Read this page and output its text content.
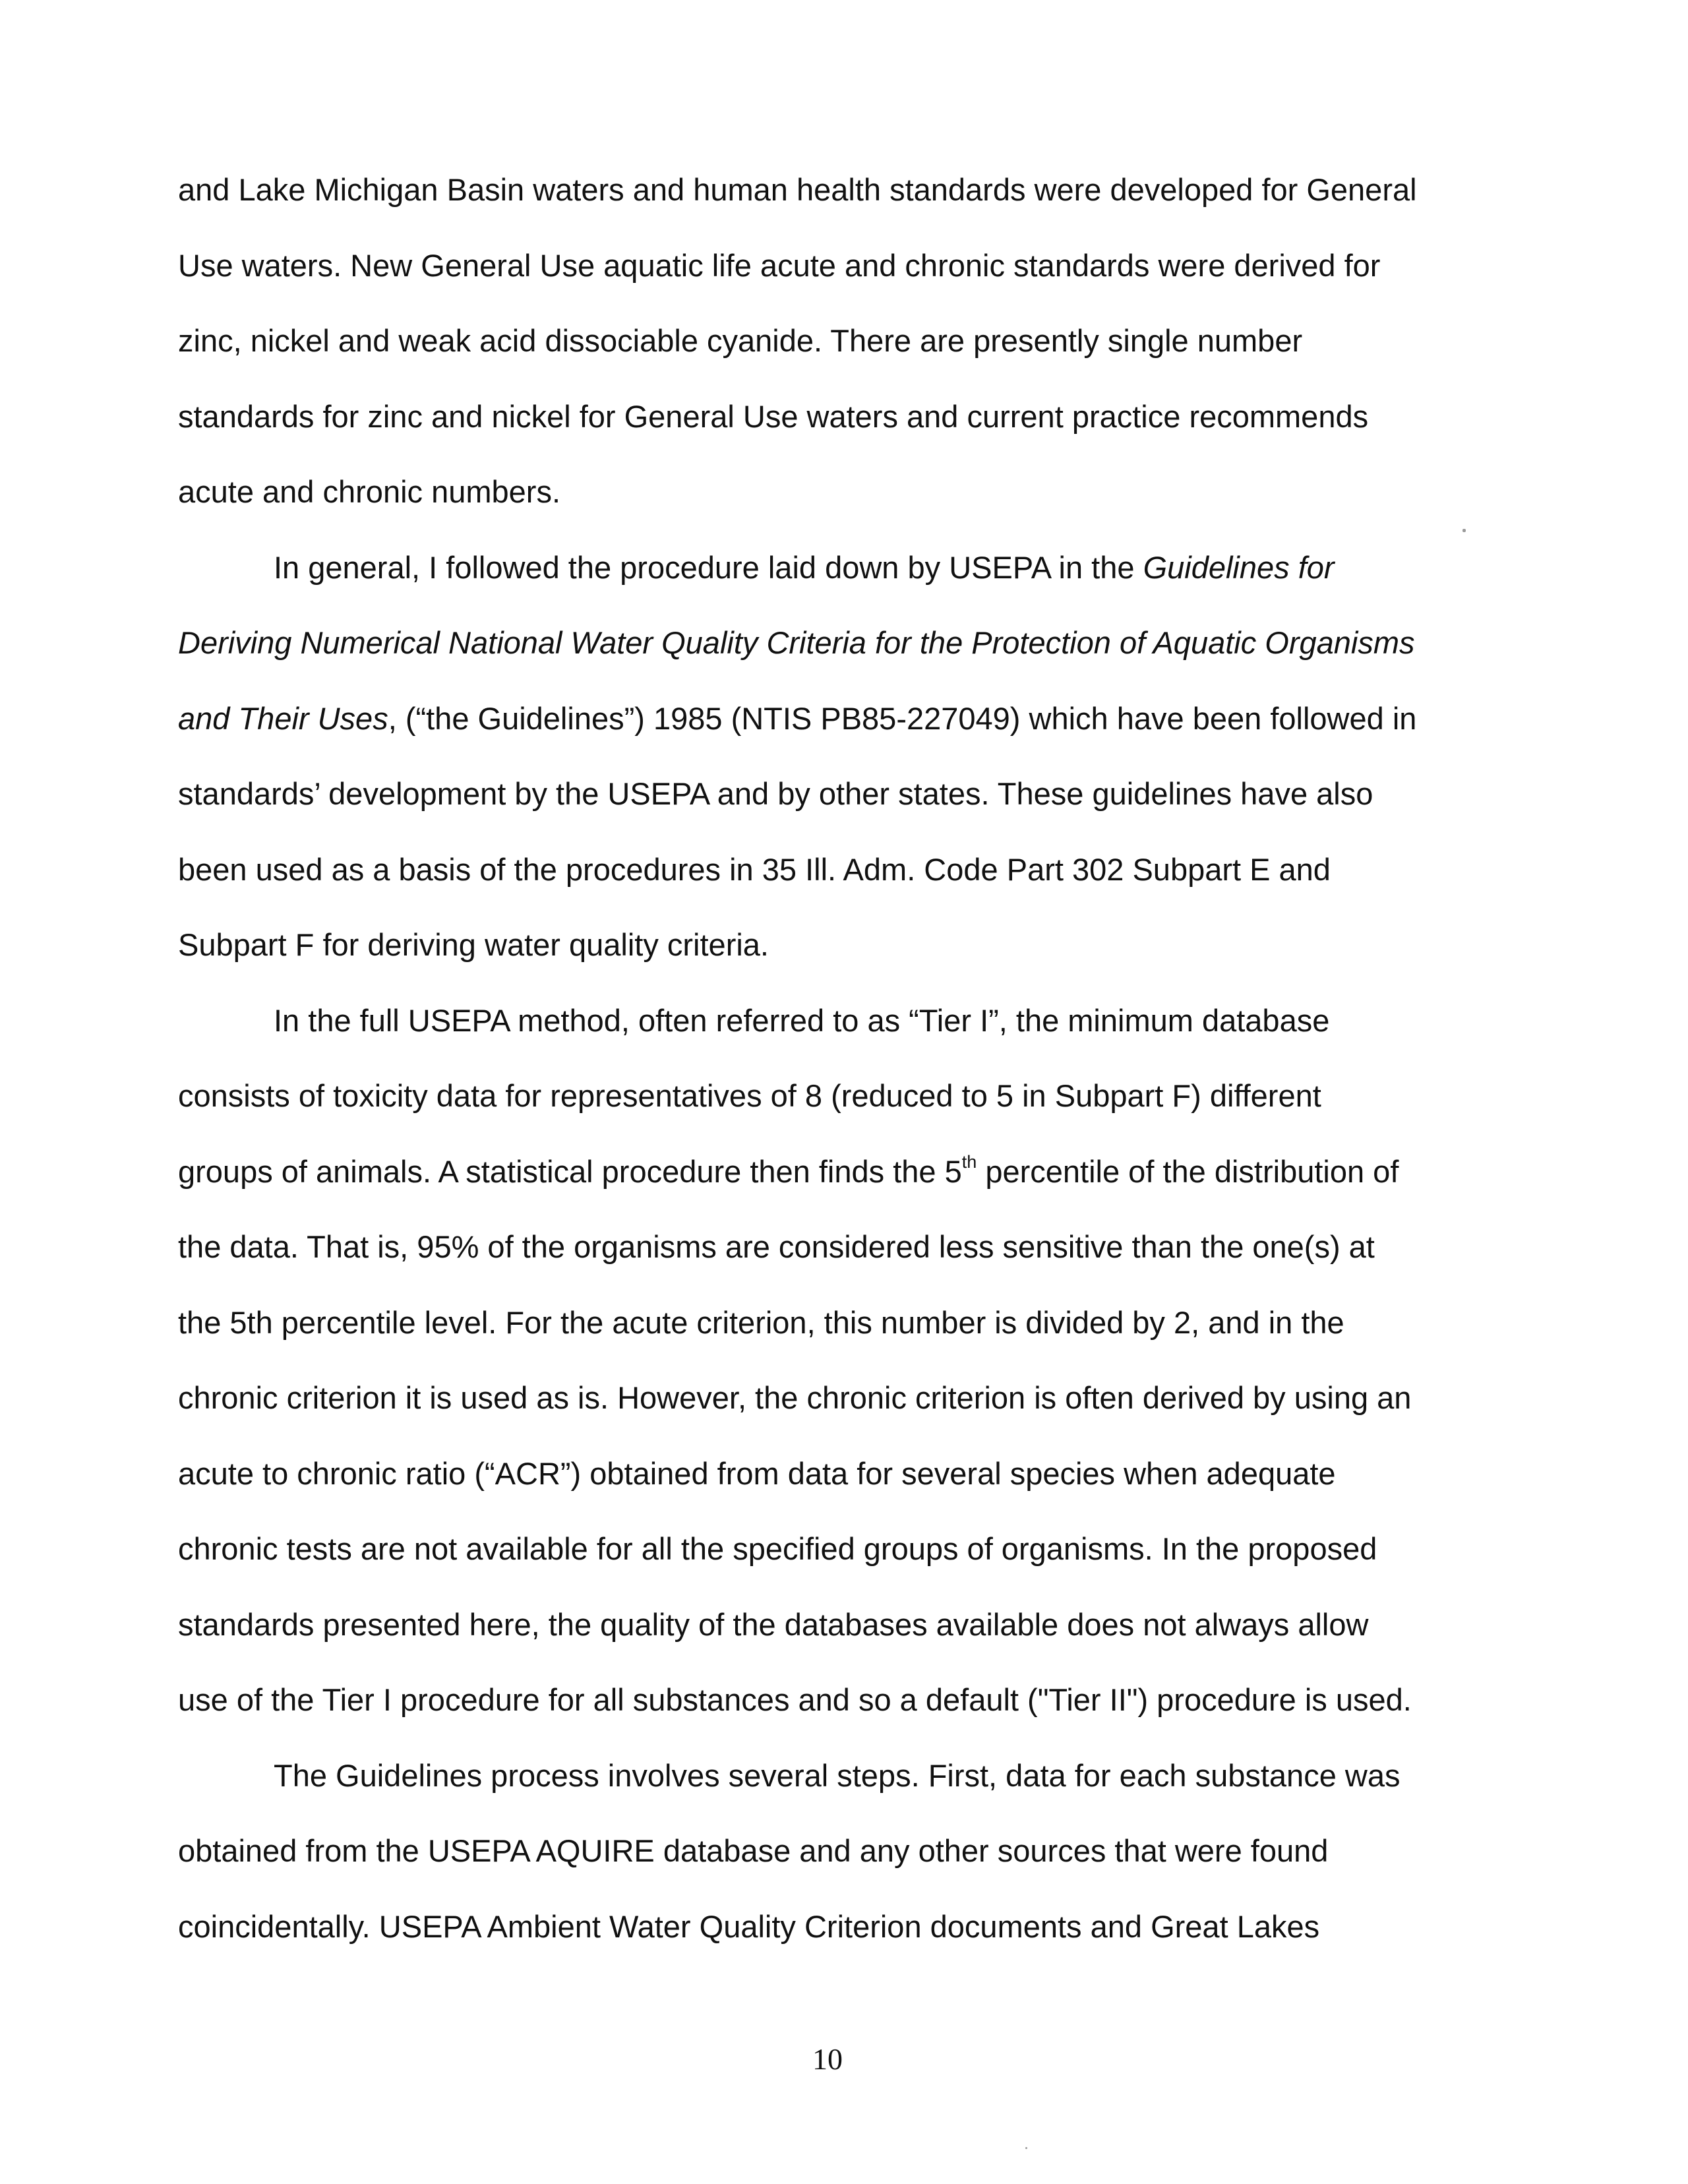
and Lake Michigan Basin waters and human health standards were developed for General
Use waters. New General Use aquatic life acute and chronic standards were derived for
zinc, nickel and weak acid dissociable cyanide. There are presently single number
standards for zinc and nickel for General Use waters and current practice recommends
acute and chronic numbers.
In general, I followed the procedure laid down by USEPA in the Guidelines for
Deriving Numerical National Water Quality Criteria for the Protection of Aquatic Organisms
and Their Uses, (“the Guidelines”) 1985 (NTIS PB85-227049) which have been followed in
standards’ development by the USEPA and by other states. These guidelines have also
been used as a basis of the procedures in 35 Ill. Adm. Code Part 302 Subpart E and
Subpart F for deriving water quality criteria.
In the full USEPA method, often referred to as “Tier I”, the minimum database
consists of toxicity data for representatives of 8 (reduced to 5 in Subpart F) different
groups of animals. A statistical procedure then finds the 5th percentile of the distribution of
the data. That is, 95% of the organisms are considered less sensitive than the one(s) at
the 5th percentile level. For the acute criterion, this number is divided by 2, and in the
chronic criterion it is used as is. However, the chronic criterion is often derived by using an
acute to chronic ratio (“ACR”) obtained from data for several species when adequate
chronic tests are not available for all the specified groups of organisms. In the proposed
standards presented here, the quality of the databases available does not always allow
use of the Tier I procedure for all substances and so a default ("Tier II") procedure is used.
The Guidelines process involves several steps. First, data for each substance was
obtained from the USEPA AQUIRE database and any other sources that were found
coincidentally. USEPA Ambient Water Quality Criterion documents and Great Lakes
10
